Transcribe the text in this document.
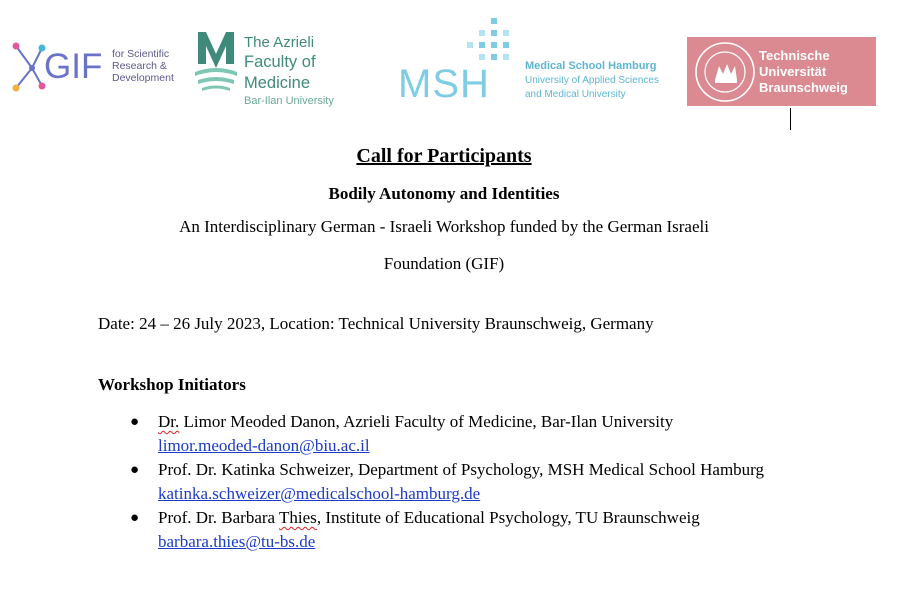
GIF for Scientific
Research &
Development
The Azrieli
Faculty of Medicine
Bar-Ilan University	MSH	Medical School Hamburg
University of Applied Sciences
and Medical University
Technische
Universität
Braunschweig
Call for Participants
Bodily Autonomy and Identities
An Interdisciplinary German - Israeli Workshop funded by the German Israeli
Foundation (GIF)
Date: 24 – 26 July 2023, Location: Technical University Braunschweig, Germany
Workshop Initiators
● Dr. Limor Meoded Danon, Azrieli Faculty of Medicine, Bar-Ilan University
limor.meoded-danon@biu.ac.il
● Prof. Dr. Katinka Schweizer, Department of Psychology, MSH Medical School Hamburg katinka.schweizer@medicalschool-hamburg.de
● Prof. Dr. Barbara Thies, Institute of Educational Psychology, TU Braunschweig barbara.thies@tu-bs.de
